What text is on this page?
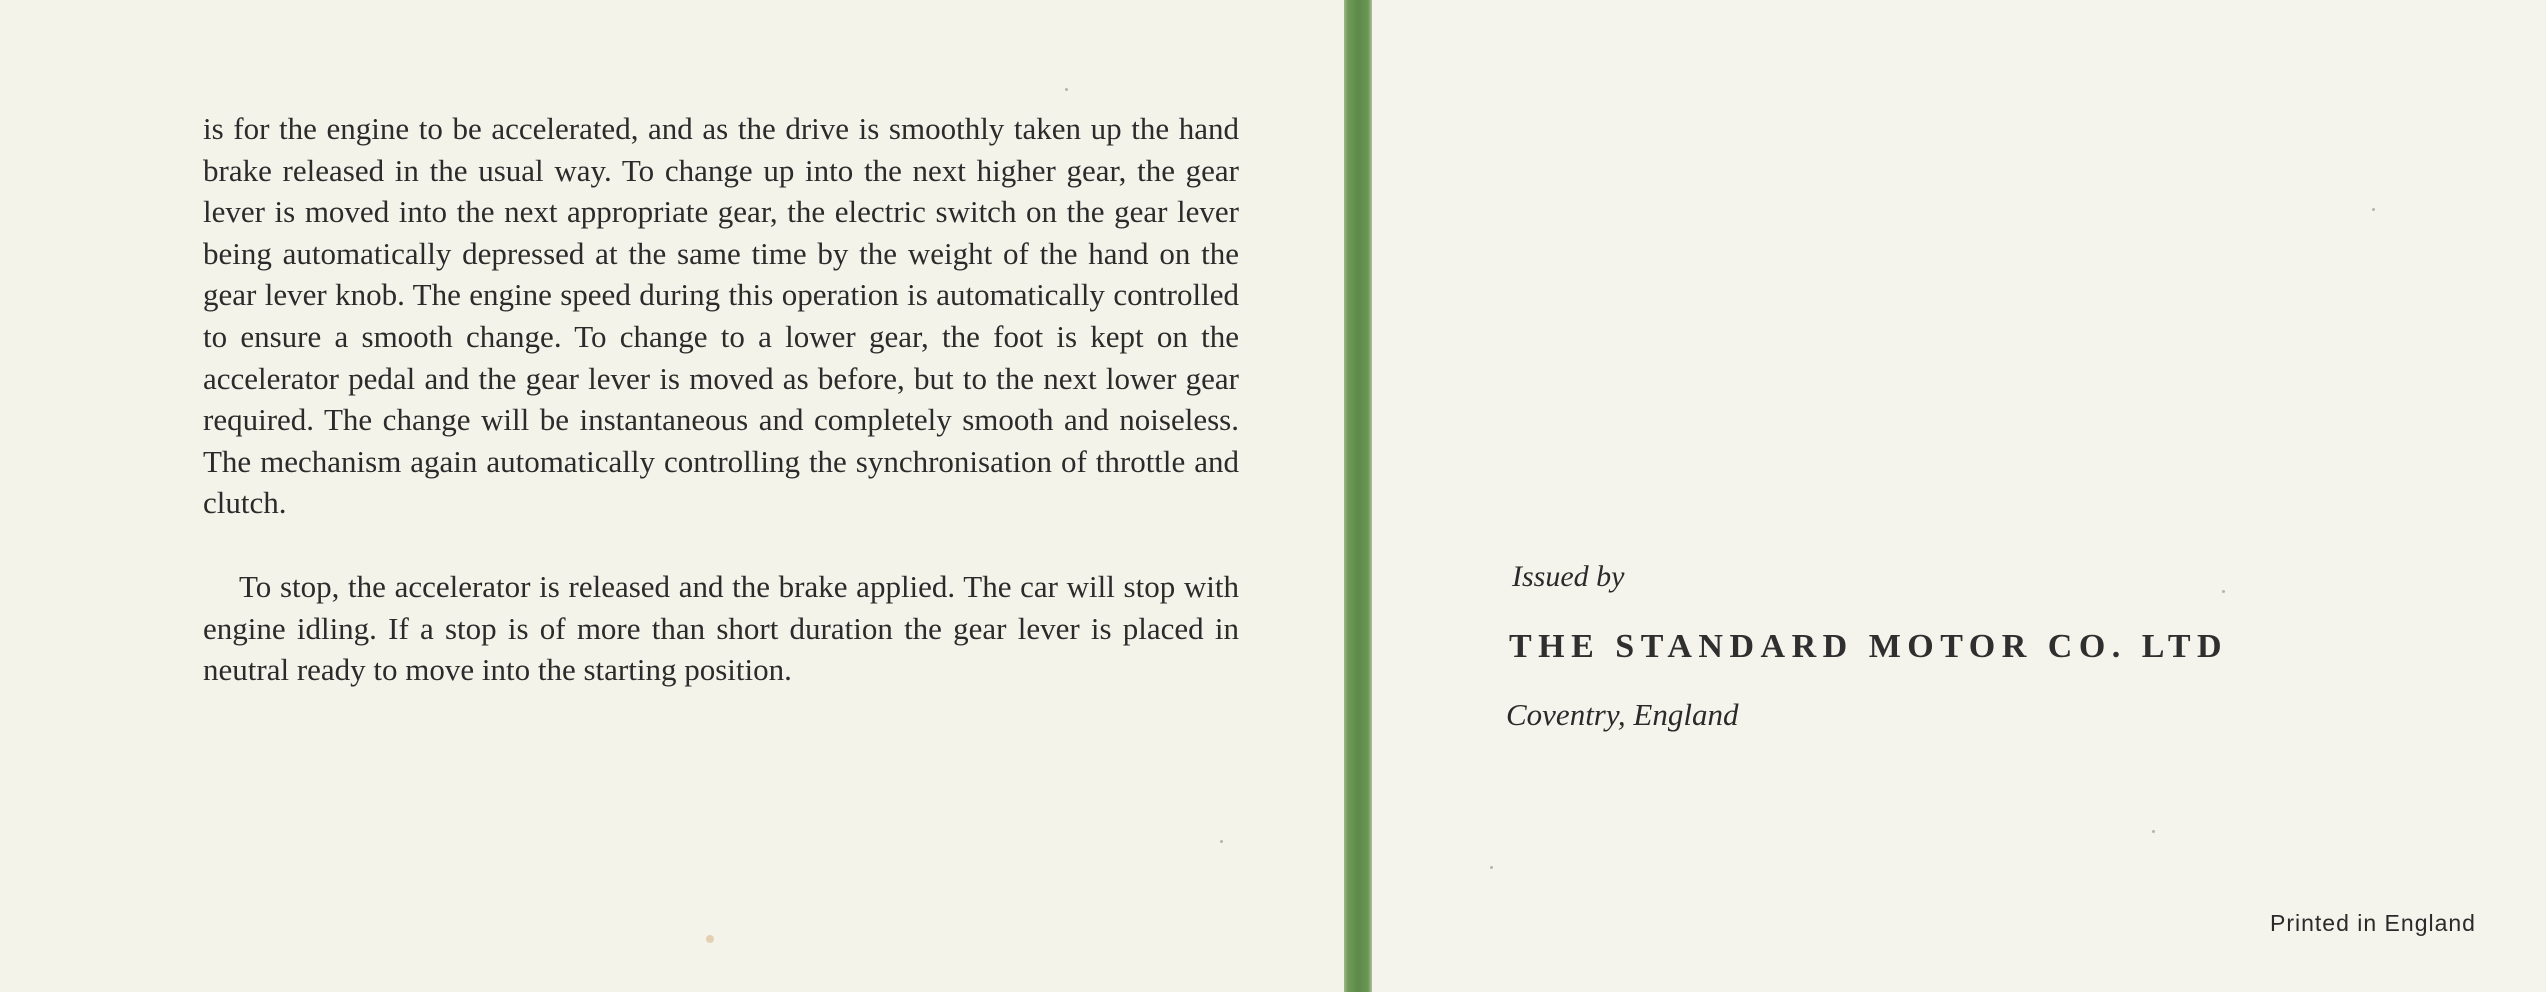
is for the engine to be accelerated, and as the drive is smoothly taken up the hand brake released in the usual way. To change up into the next higher gear, the gear lever is moved into the next appropriate gear, the electric switch on the gear lever being automatically depressed at the same time by the weight of the hand on the gear lever knob. The engine speed during this operation is automatically controlled to ensure a smooth change. To change to a lower gear, the foot is kept on the accelerator pedal and the gear lever is moved as before, but to the next lower gear required. The change will be instantaneous and completely smooth and noiseless. The mechanism again automatically controlling the synchronisation of throttle and clutch.

To stop, the accelerator is released and the brake applied. The car will stop with engine idling. If a stop is of more than short duration the gear lever is placed in neutral ready to move into the starting position.

Issued by
THE STANDARD MOTOR CO. LTD
Coventry, England
Printed in England
